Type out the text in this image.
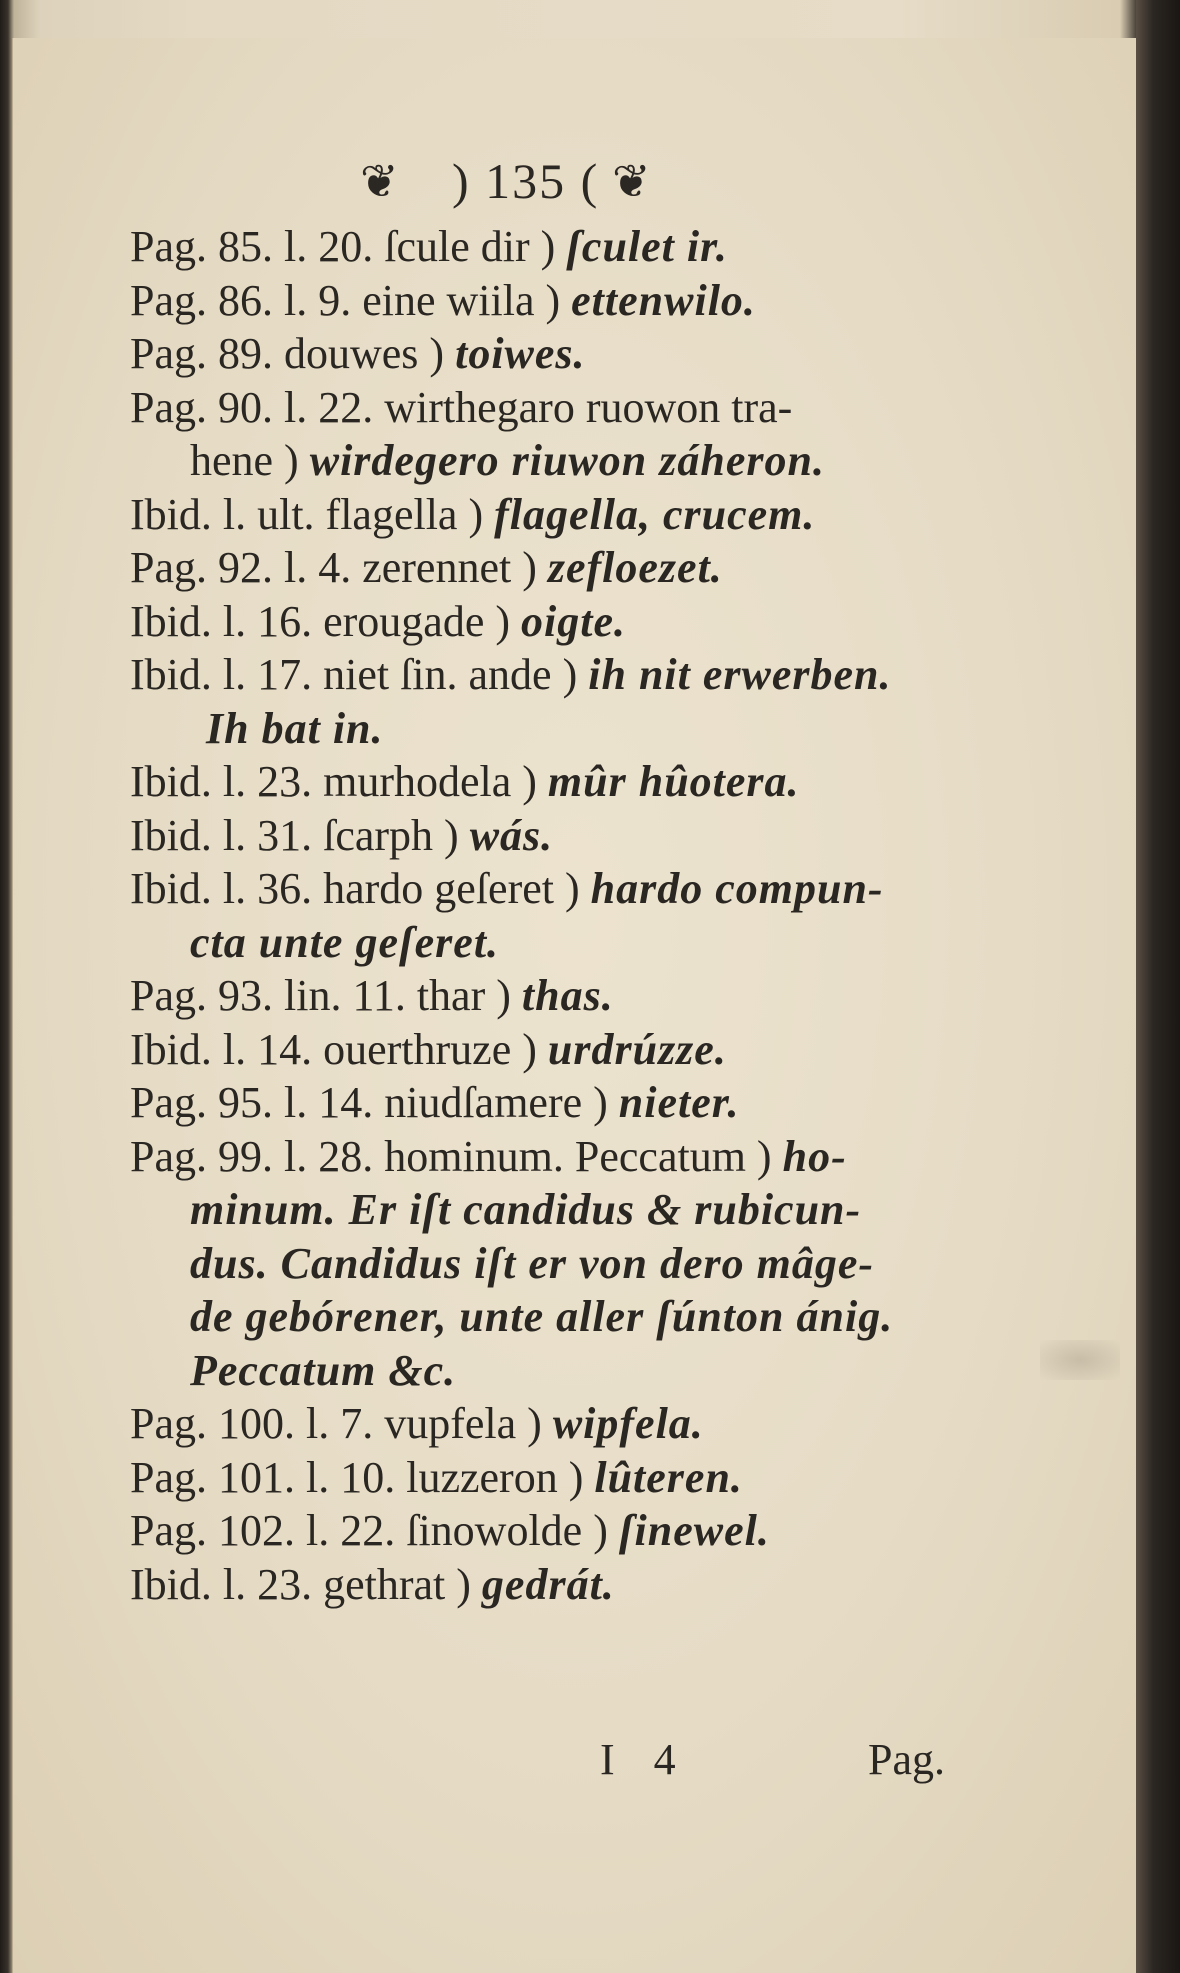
❦ ) 135 ( ❦
Pag. 85. l. 20. ſcule dir ) ſculet ir.
Pag. 86. l. 9. eine wiila ) ettenwilo.
Pag. 89. douwes ) toiwes.
Pag. 90. l. 22. wirthegaro ruowon tra-
hene ) wirdegero riuwon záheron.
Ibid. l. ult. flagella ) flagella, crucem.
Pag. 92. l. 4. zerennet ) zefloezet.
Ibid. l. 16. erougade ) oigte.
Ibid. l. 17. niet ſin. ande ) ih nit erwerben.
Ih bat in.
Ibid. l. 23. murhodela ) mûr hûotera.
Ibid. l. 31. ſcarph ) wás.
Ibid. l. 36. hardo geſeret ) hardo compun-
cta unte geſeret.
Pag. 93. lin. 11. thar ) thas.
Ibid. l. 14. ouerthruze ) urdrúzze.
Pag. 95. l. 14. niudſamere ) nieter.
Pag. 99. l. 28. hominum. Peccatum ) ho-
minum. Er iſt candidus & rubicun-
dus. Candidus iſt er von dero mâge-
de gebórener, unte aller ſúnton ánig.
Peccatum &c.
Pag. 100. l. 7. vupfela ) wipfela.
Pag. 101. l. 10. luzzeron ) lûteren.
Pag. 102. l. 22. ſinowolde ) ſinewel.
Ibid. l. 23. gethrat ) gedrát.
I 4	Pag.
